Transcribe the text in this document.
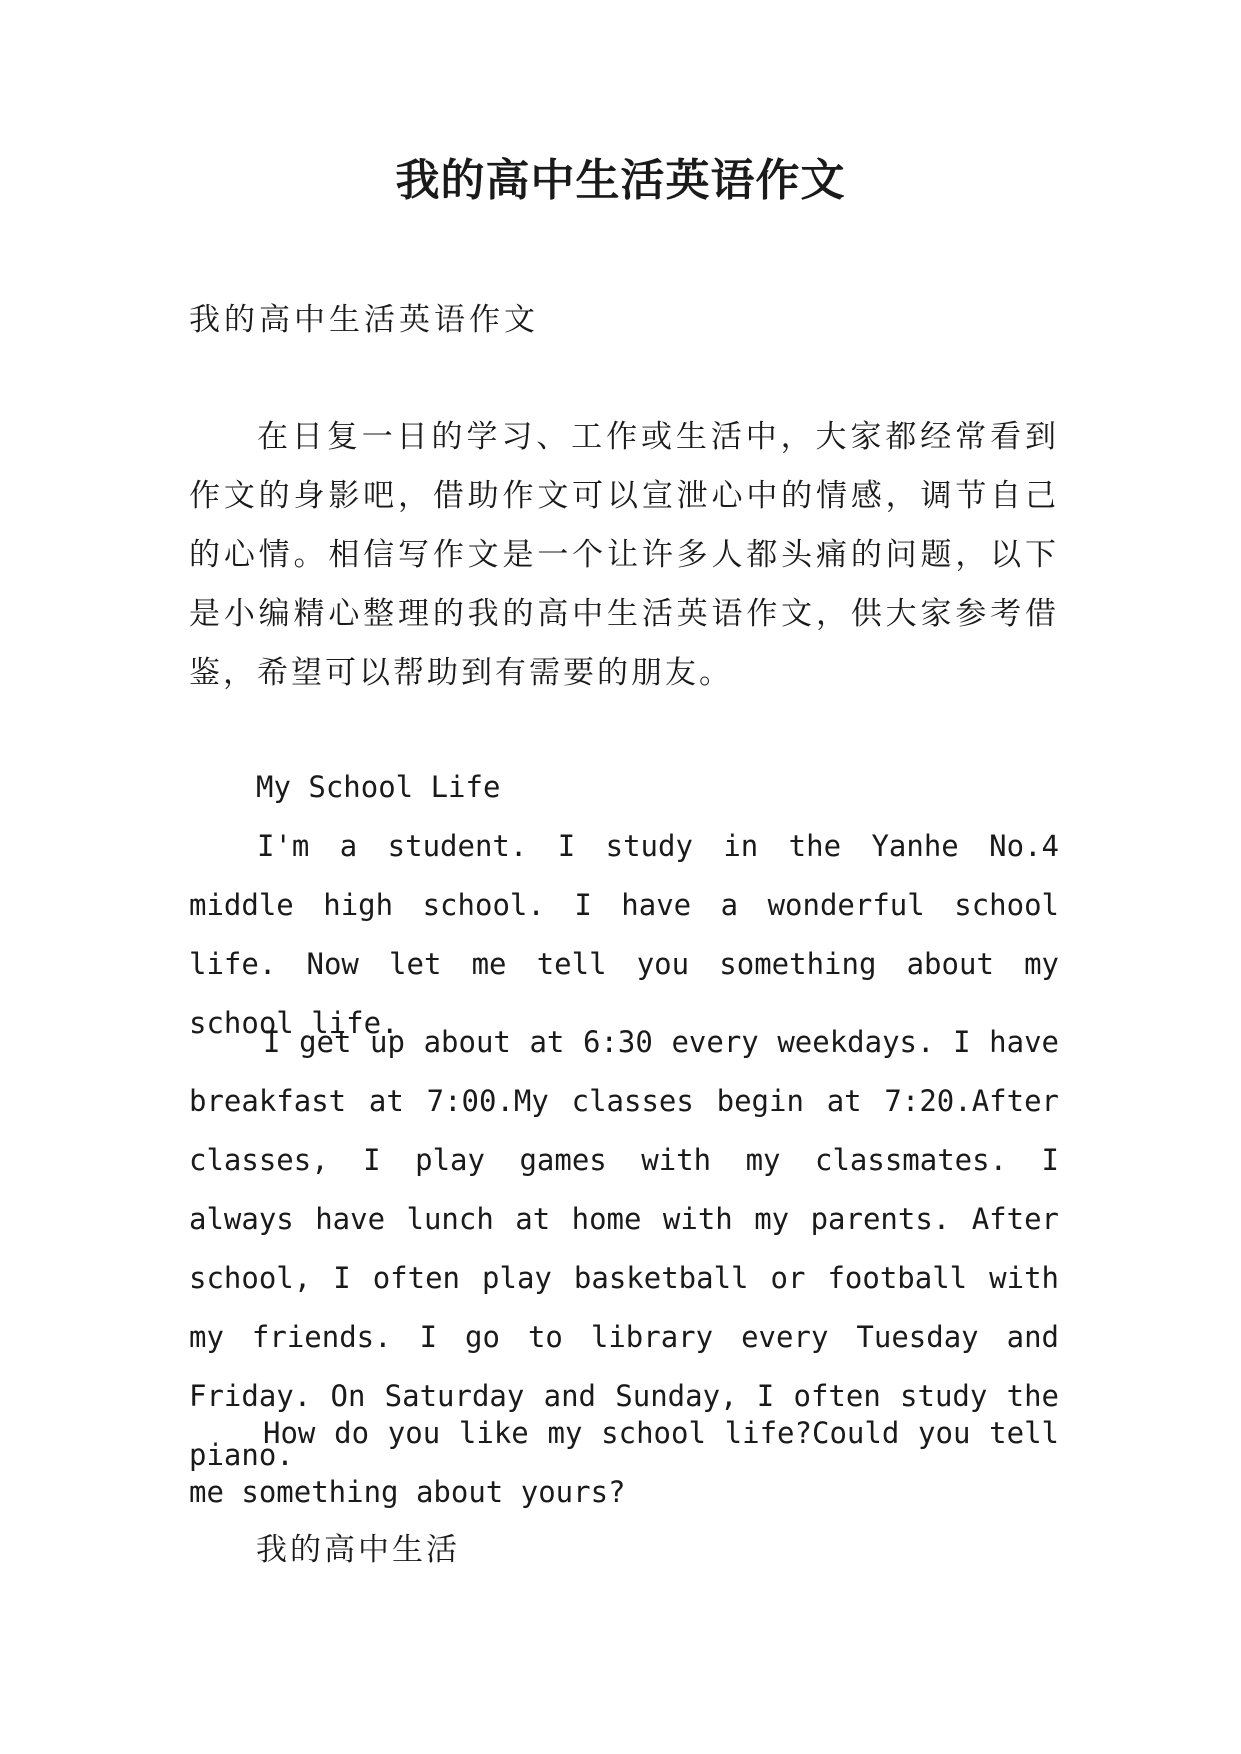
我的高中生活英语作文

我的高中生活英语作文

在日复一日的学习、工作或生活中，大家都经常看到作文的身影吧，借助作文可以宣泄心中的情感，调节自己的心情。相信写作文是一个让许多人都头痛的问题，以下是小编精心整理的我的高中生活英语作文，供大家参考借鉴，希望可以帮助到有需要的朋友。

My School Life

I'm a student. I study in the Yanhe No.4 middle high school. I have a wonderful school life. Now let me tell you something about my school life.

I get up about at 6:30 every weekdays. I have breakfast at 7:00.My classes begin at 7:20.After classes, I play games with my classmates. I always have lunch at home with my parents. After school, I often play basketball or football with my friends. I go to library every Tuesday and Friday. On Saturday and Sunday, I often study the piano.

How do you like my school life?Could you tell me something about yours?

我的高中生活
